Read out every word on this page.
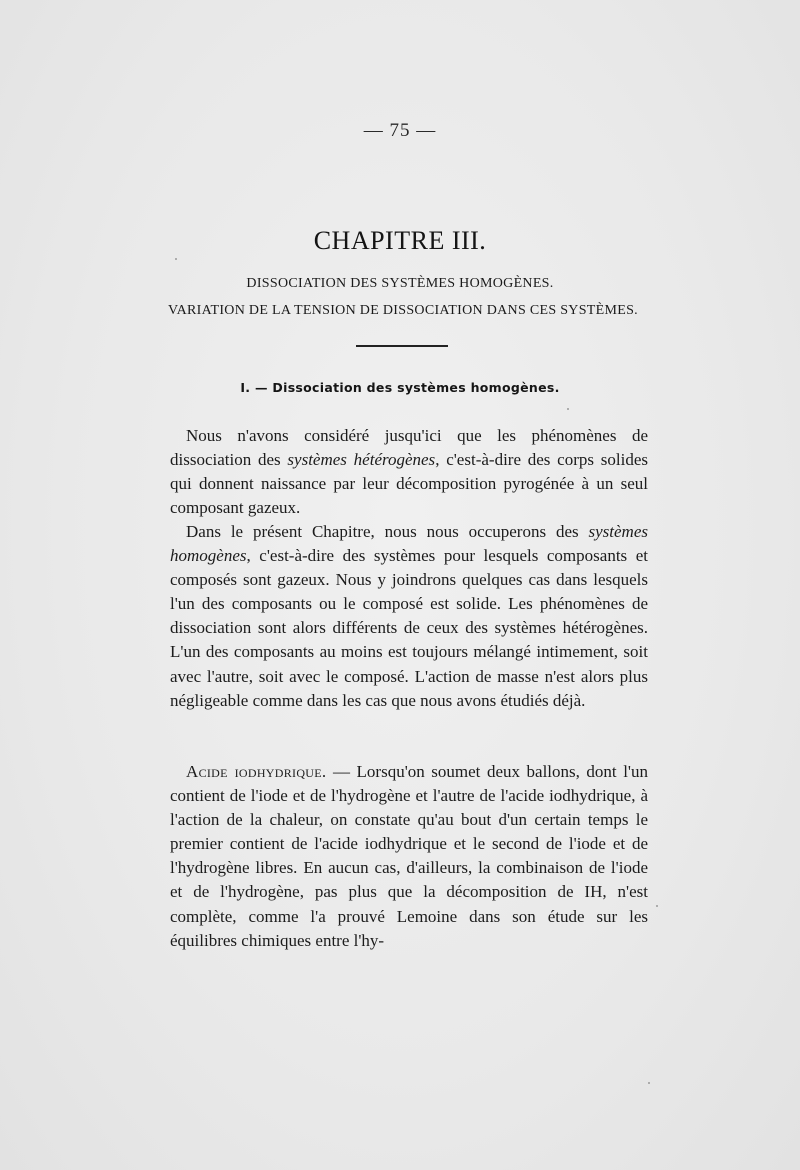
— 75 —
CHAPITRE III.
DISSOCIATION DES SYSTÈMES HOMOGÈNES.
VARIATION DE LA TENSION DE DISSOCIATION DANS CES SYSTÈMES.
I. — Dissociation des systèmes homogènes.

Nous n'avons considéré jusqu'ici que les phénomènes de dissociation des systèmes hétérogènes, c'est-à-dire des corps solides qui donnent naissance par leur décomposition pyrogénée à un seul composant gazeux.

Dans le présent Chapitre, nous nous occuperons des systèmes homogènes, c'est-à-dire des systèmes pour lesquels composants et composés sont gazeux. Nous y joindrons quelques cas dans lesquels l'un des composants ou le composé est solide. Les phénomènes de dissociation sont alors différents de ceux des systèmes hétérogènes. L'un des composants au moins est toujours mélangé intimement, soit avec l'autre, soit avec le composé. L'action de masse n'est alors plus négligeable comme dans les cas que nous avons étudiés déjà.

Acide iodhydrique. — Lorsqu'on soumet deux ballons, dont l'un contient de l'iode et de l'hydrogène et l'autre de l'acide iodhydrique, à l'action de la chaleur, on constate qu'au bout d'un certain temps le premier contient de l'acide iodhydrique et le second de l'iode et de l'hydrogène libres. En aucun cas, d'ailleurs, la combinaison de l'iode et de l'hydrogène, pas plus que la décomposition de IH, n'est complète, comme l'a prouvé Lemoine dans son étude sur les équilibres chimiques entre l'hy-
